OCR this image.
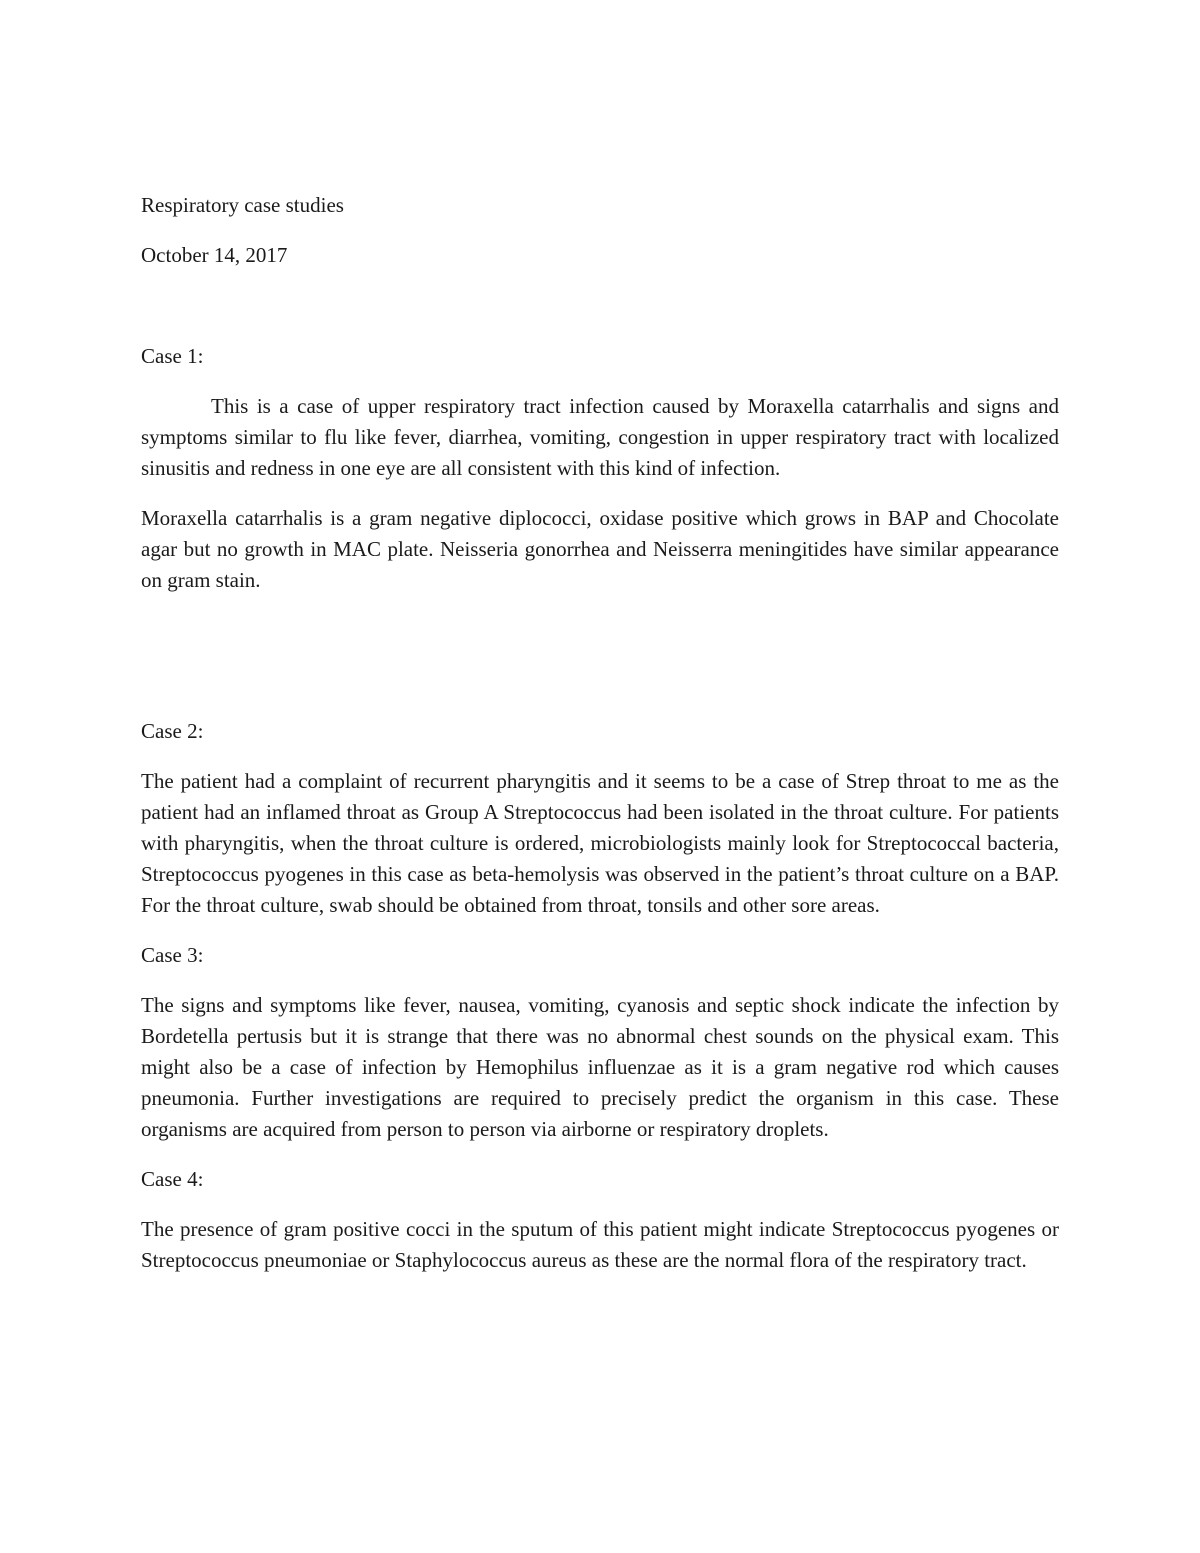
Respiratory case studies

October 14, 2017

Case 1:

This is a case of upper respiratory tract infection caused by Moraxella catarrhalis and signs and symptoms similar to flu like fever, diarrhea, vomiting, congestion in upper respiratory tract with localized sinusitis and redness in one eye are all consistent with this kind of infection.

Moraxella catarrhalis is a gram negative diplococci, oxidase positive which grows in BAP and Chocolate agar but no growth in MAC plate. Neisseria gonorrhea and Neisserra meningitides have similar appearance on gram stain.

Case 2:

The patient had a complaint of recurrent pharyngitis and it seems to be a case of Strep throat to me as the patient had an inflamed throat as Group A Streptococcus had been isolated in the throat culture. For patients with pharyngitis, when the throat culture is ordered, microbiologists mainly look for Streptococcal bacteria, Streptococcus pyogenes in this case as beta-hemolysis was observed in the patient’s throat culture on a BAP. For the throat culture, swab should be obtained from throat, tonsils and other sore areas.

Case 3:

The signs and symptoms like fever, nausea, vomiting, cyanosis and septic shock indicate the infection by Bordetella pertusis but it is strange that there was no abnormal chest sounds on the physical exam. This might also be a case of infection by Hemophilus influenzae as it is a gram negative rod which causes pneumonia. Further investigations are required to precisely predict the organism in this case. These organisms are acquired from person to person via airborne or respiratory droplets.

Case 4:

The presence of gram positive cocci in the sputum of this patient might indicate Streptococcus pyogenes or Streptococcus pneumoniae or Staphylococcus aureus as these are the normal flora of the respiratory tract.
